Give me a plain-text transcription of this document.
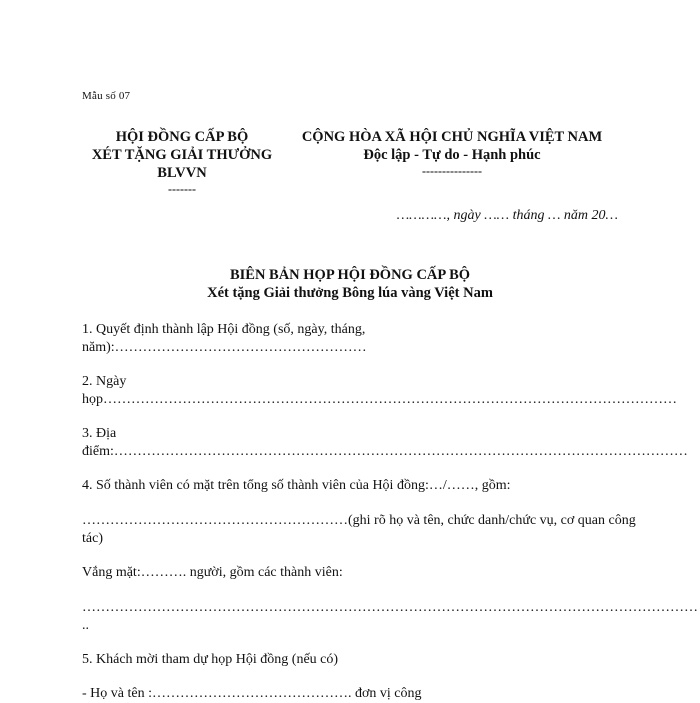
Mẫu số 07
HỘI ĐỒNG CẤP BỘ
XÉT TẶNG GIẢI THƯỞNG
BLVVN
-------
CỘNG HÒA XÃ HỘI CHỦ NGHĨA VIỆT NAM
Độc lập - Tự do - Hạnh phúc
---------------
…………, ngày …… tháng … năm 20…
BIÊN BẢN HỌP HỘI ĐỒNG CẤP BỘ
Xét tặng Giải thưởng Bông lúa vàng Việt Nam
1. Quyết định thành lập Hội đồng (số, ngày, tháng,
năm):………………………………………………
2. Ngày
họp……………………………………………………………………………………………………………
3. Địa
điểm:……………………………………………………………………………………………………………
4. Số thành viên có mặt trên tổng số thành viên của Hội đồng:…/……, gồm:
…………………………………………………(ghi rõ họ và tên, chức danh/chức vụ, cơ quan công
tác)
Vắng mặt:………. người, gồm các thành viên:
……………………………………………………………………………………………………………………
..
5. Khách mời tham dự họp Hội đồng (nếu có)
- Họ và tên :……………………………………. đơn vị công
